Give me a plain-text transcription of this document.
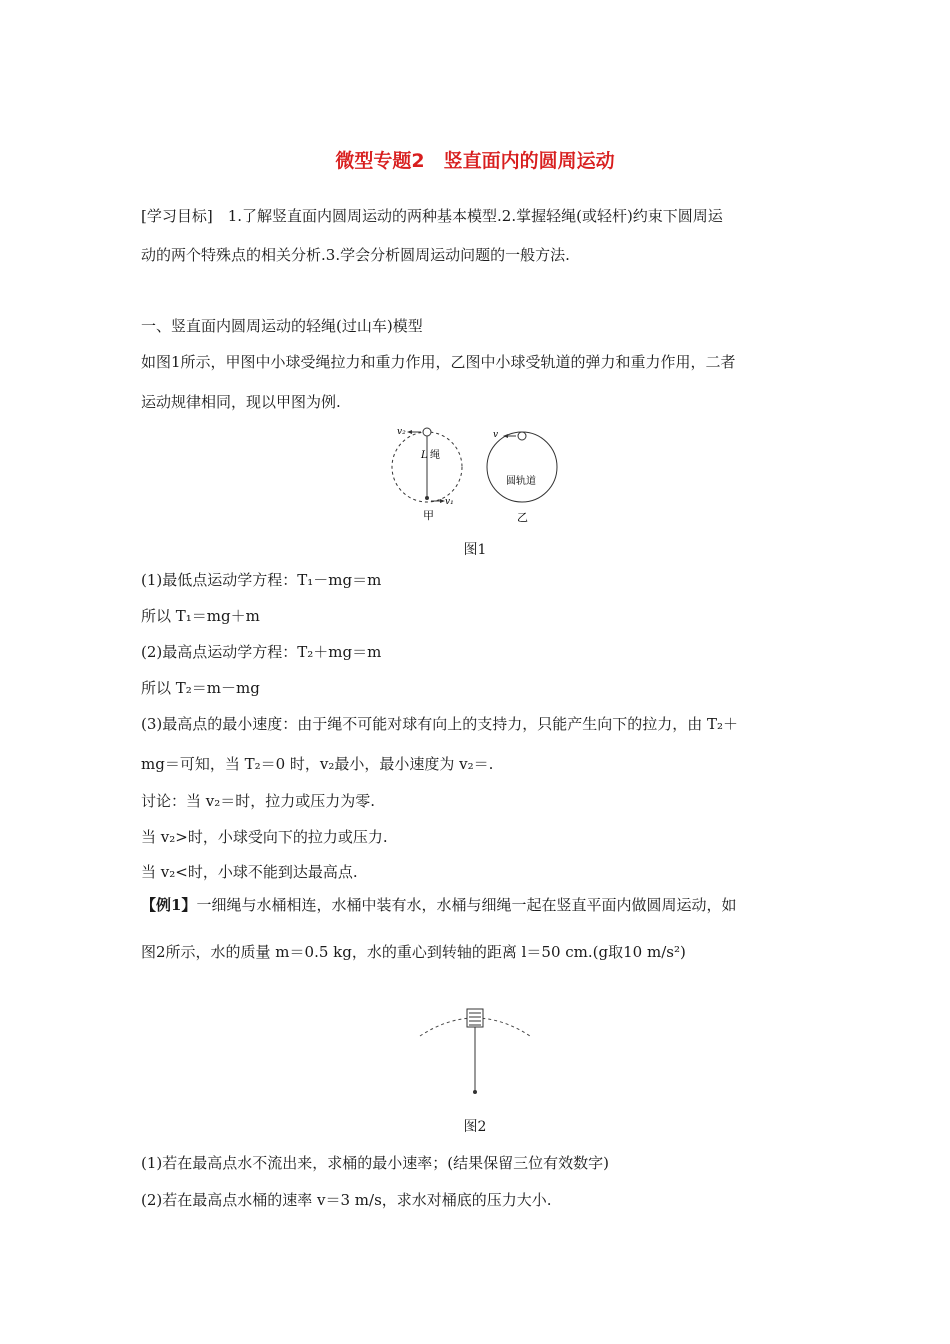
微型专题2　竖直面内的圆周运动
[学习目标]　1.了解竖直面内圆周运动的两种基本模型.2.掌握轻绳(或轻杆)约束下圆周运
动的两个特殊点的相关分析.3.学会分析圆周运动问题的一般方法.
一、竖直面内圆周运动的轻绳(过山车)模型
如图1所示，甲图中小球受绳拉力和重力作用，乙图中小球受轨道的弹力和重力作用，二者
运动规律相同，现以甲图为例.
v₂
L 绳
v₁
甲
v
圆轨道
乙
图1
(1)最低点运动学方程：T₁－mg＝m
所以 T₁＝mg＋m
(2)最高点运动学方程：T₂＋mg＝m
所以 T₂＝m－mg
(3)最高点的最小速度：由于绳不可能对球有向上的支持力，只能产生向下的拉力，由 T₂＋
mg＝可知，当 T₂＝0 时，v₂最小，最小速度为 v₂＝.
讨论：当 v₂＝时，拉力或压力为零.
当 v₂>时，小球受向下的拉力或压力.
当 v₂<时，小球不能到达最高点.
【例1】一细绳与水桶相连，水桶中装有水，水桶与细绳一起在竖直平面内做圆周运动，如
图2所示，水的质量 m＝0.5 kg，水的重心到转轴的距离 l＝50 cm.(g取10 m/s²)
图2
(1)若在最高点水不流出来，求桶的最小速率；(结果保留三位有效数字)
(2)若在最高点水桶的速率 v＝3 m/s，求水对桶底的压力大小.
